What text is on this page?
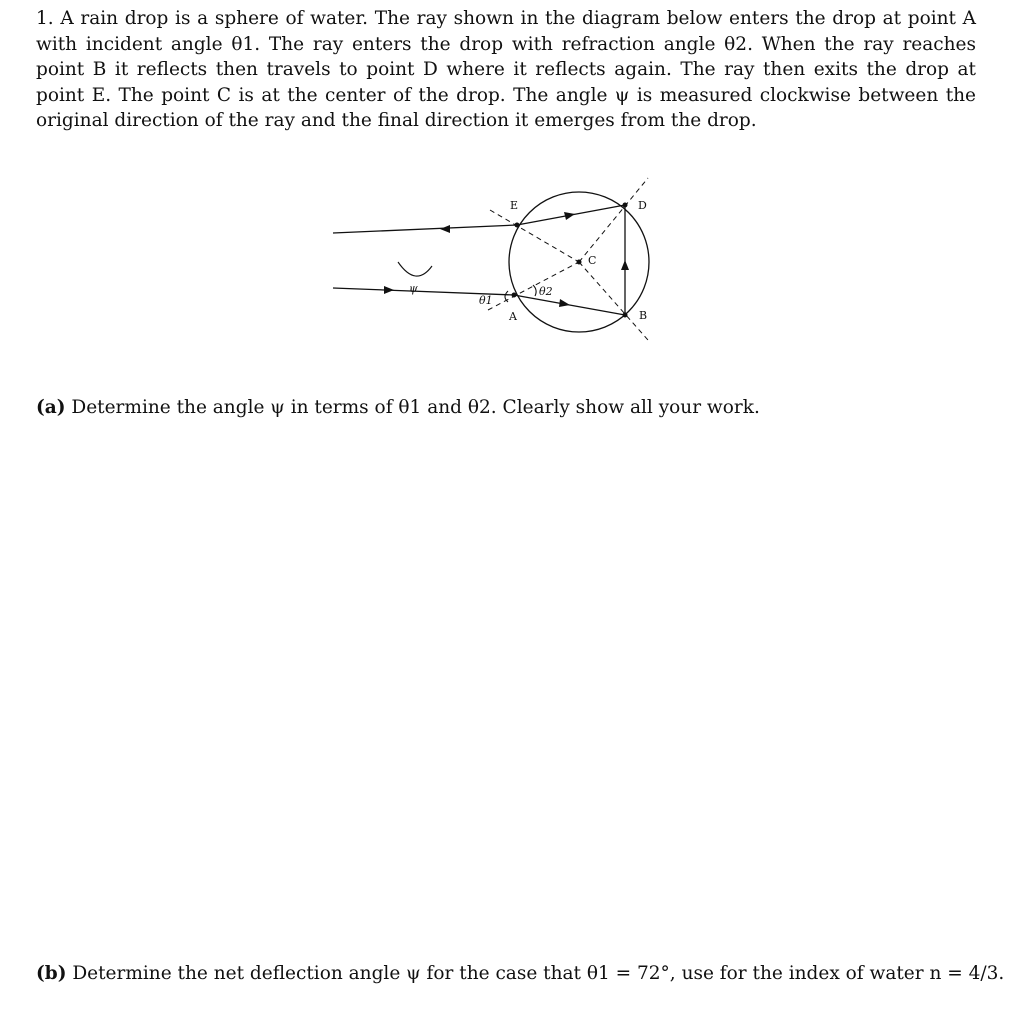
1. A rain drop is a sphere of water. The ray shown in the diagram below enters the drop at point A with incident angle θ1. The ray enters the drop with refraction angle θ2. When the ray reaches point B it reflects then travels to point D where it reflects again. The ray then exits the drop at point E. The point C is at the center of the drop. The angle ψ is measured clockwise between the original direction of the ray and the final direction it emerges from the drop.

E	D
C
A	B
ψ
θ1
θ2

(a) Determine the angle ψ in terms of θ1 and θ2. Clearly show all your work.

(b) Determine the net deflection angle ψ for the case that θ1 = 72°, use for the index of water n = 4/3.
